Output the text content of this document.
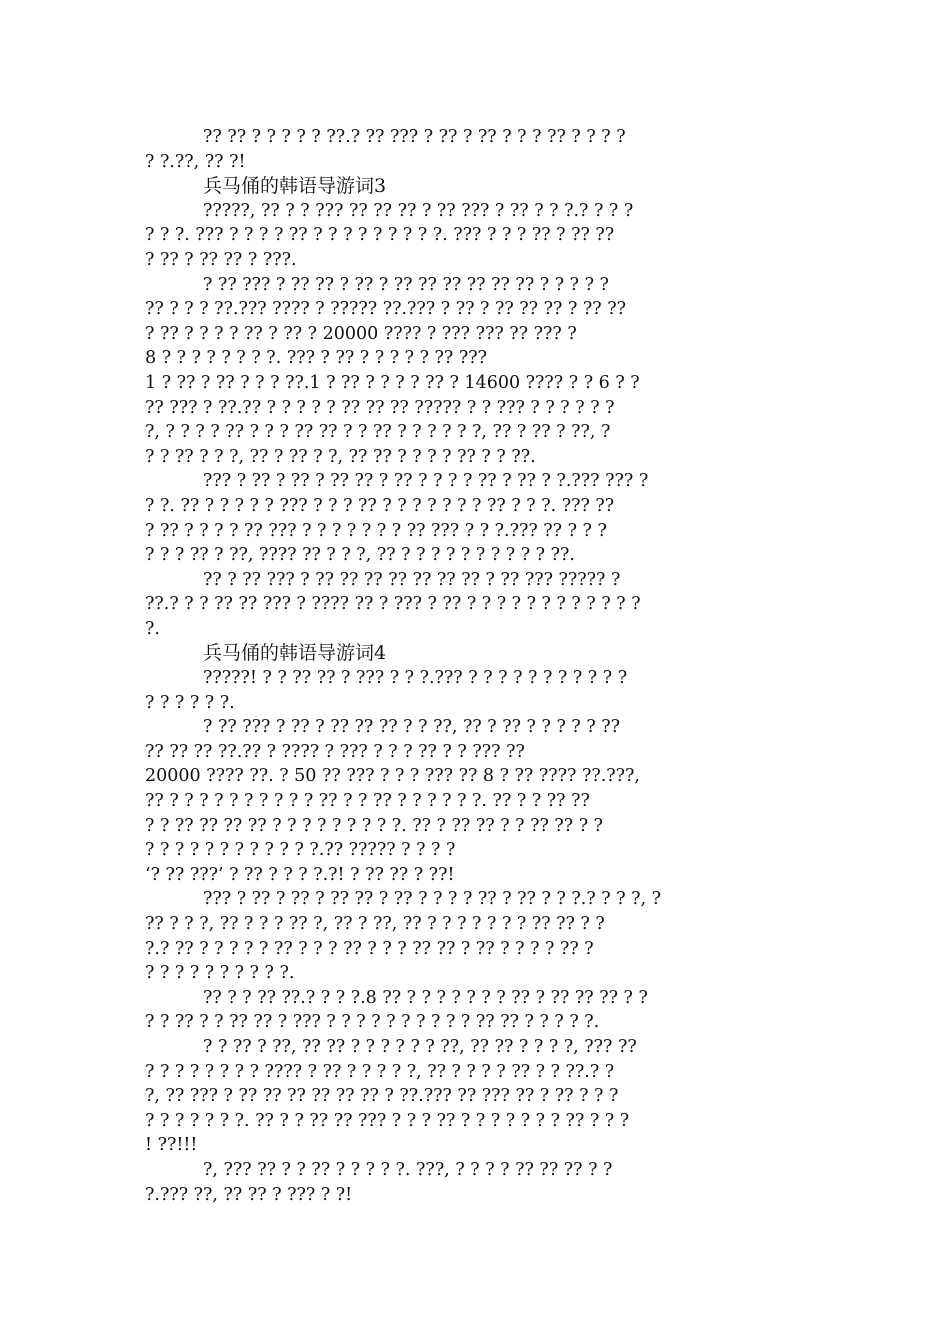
?? ?? ? ? ? ? ? ??.? ?? ??? ? ?? ? ?? ? ? ? ?? ? ? ? ?
? ?.??, ?? ?!
兵马俑的韩语导游词3
?????, ?? ? ? ??? ?? ?? ?? ? ?? ??? ? ?? ? ? ?.? ? ? ?
? ? ?. ??? ? ? ? ? ?? ? ? ? ? ? ? ? ? ?. ??? ? ? ? ?? ? ?? ??
? ?? ? ?? ?? ? ???.
? ?? ??? ? ?? ?? ? ?? ? ?? ?? ?? ?? ?? ?? ? ? ? ? ?
?? ? ? ? ??.??? ???? ? ????? ??.??? ? ?? ? ?? ?? ?? ? ?? ??
? ?? ? ? ? ? ?? ? ?? ? 20000 ???? ? ??? ??? ?? ??? ?
8 ? ? ? ? ? ? ? ?. ??? ? ?? ? ? ? ? ? ?? ???
1 ? ?? ? ?? ? ? ? ??.1 ? ?? ? ? ? ? ?? ? 14600 ???? ? ? 6 ? ?
?? ??? ? ??.?? ? ? ? ? ? ?? ?? ?? ????? ? ? ??? ? ? ? ? ? ?
?, ? ? ? ? ?? ? ? ? ?? ?? ? ? ?? ? ? ? ? ? ?, ?? ? ?? ? ??, ?
? ? ?? ? ? ?, ?? ? ?? ? ?, ?? ?? ? ? ? ? ?? ? ? ??.
??? ? ?? ? ?? ? ?? ?? ? ?? ? ? ? ? ?? ? ?? ? ?.??? ??? ?
? ?. ?? ? ? ? ? ? ??? ? ? ? ?? ? ? ? ? ? ? ? ?? ? ? ?. ??? ??
? ?? ? ? ? ? ?? ??? ? ? ? ? ? ? ? ?? ??? ? ? ?.??? ?? ? ? ?
? ? ? ?? ? ??, ???? ?? ? ? ?, ?? ? ? ? ? ? ? ? ? ? ? ??.
?? ? ?? ??? ? ?? ?? ?? ?? ?? ?? ?? ? ?? ??? ????? ?
??.? ? ? ?? ?? ??? ? ???? ?? ? ??? ? ?? ? ? ? ? ? ? ? ? ? ? ? ?
?.
兵马俑的韩语导游词4
?????! ? ? ?? ?? ? ??? ? ? ?.??? ? ? ? ? ? ? ? ? ? ? ?
? ? ? ? ? ?.
? ?? ??? ? ?? ? ?? ?? ?? ? ? ??, ?? ? ?? ? ? ? ? ? ??
?? ?? ?? ??.?? ? ???? ? ??? ? ? ? ?? ? ? ??? ??
20000 ???? ??. ? 50 ?? ??? ? ? ? ??? ?? 8 ? ?? ???? ??.???,
?? ? ? ? ? ? ? ? ? ? ? ?? ? ? ?? ? ? ? ? ? ?. ?? ? ? ?? ??
? ? ?? ?? ?? ?? ? ? ? ? ? ? ? ? ?. ?? ? ?? ?? ? ? ?? ?? ? ?
? ? ? ? ? ? ? ? ? ? ? ?.?? ????? ? ? ? ?
‘? ?? ???’ ? ?? ? ? ? ?.?! ? ?? ?? ? ??!
??? ? ?? ? ?? ? ?? ?? ? ?? ? ? ? ? ?? ? ?? ? ? ?.? ? ? ?, ?
?? ? ? ?, ?? ? ? ? ?? ?, ?? ? ??, ?? ? ? ? ? ? ? ? ?? ?? ? ?
?.? ?? ? ? ? ? ? ?? ? ? ? ?? ? ? ? ?? ?? ? ?? ? ? ? ? ?? ?
? ? ? ? ? ? ? ? ? ?.
?? ? ? ?? ??.? ? ? ?.8 ?? ? ? ? ? ? ? ? ?? ? ?? ?? ?? ? ?
? ? ?? ? ? ?? ?? ? ??? ? ? ? ? ? ? ? ? ? ? ?? ?? ? ? ? ? ?.
? ? ?? ? ??, ?? ?? ? ? ? ? ? ? ??, ?? ?? ? ? ? ?, ??? ??
? ? ? ? ? ? ? ? ???? ? ?? ? ? ? ? ?, ?? ? ? ? ? ?? ? ? ??.? ?
?, ?? ??? ? ?? ?? ?? ?? ?? ?? ? ??.??? ?? ??? ?? ? ?? ? ? ?
? ? ? ? ? ? ?. ?? ? ? ?? ?? ??? ? ? ? ?? ? ? ? ? ? ? ? ?? ? ? ?
! ??!!!
?, ??? ?? ? ? ?? ? ? ? ? ?. ???, ? ? ? ? ?? ?? ?? ? ?
?.??? ??, ?? ?? ? ??? ? ?!
